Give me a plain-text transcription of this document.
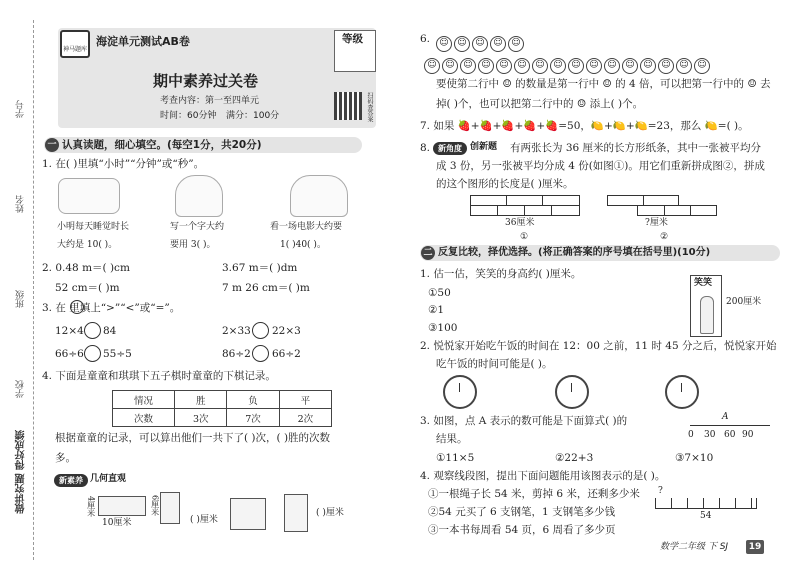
学号
姓名
班级
学校
做讲究题 得好成绩
神马题库
海淀单元测试AB卷	等级
期中素养过关卷
考查内容：第一至四单元
时间：60分钟 满分：100分	扫码查答案
一 认真读题，细心填空。(每空1分，共20分)
1. 在( )里填“小时”“分钟”或“秒”。
小明每天睡觉时长
大约是 10( )。
写一个字大约
要用 3( )。
看一场电影大约要
1( )40( )。
2. 0.48 m＝( )cm	3.67 m＝( )dm
52 cm＝( )m	7 m 26 cm＝( )m
3. 在 里填上“>”“<”或“=”。
12×4 84	2×33 22×3
66÷6 55÷5	86÷2 66÷2
4. 下面是童童和琪琪下五子棋时童童的下棋记录。
情况	胜	负	平
次数	3次	7次	2次
根据童童的记录，可以算出他们一共下了( )次，( )胜的次数
多。
新素养 几何直观
4厘米
10厘米
6厘米
( )厘米
( )厘米
6.	☺ ☺ ☺ ☺ ☺
☺ ☺ ☺ ☺ ☺ ☺ ☺ ☺ ☺ ☺ ☺ ☺ ☺ ☺ ☺ ☺
要使第二行中 ☺ 的数量是第一行中 ☺ 的 4 倍，可以把第一行中的 ☺ 去
掉( )个，也可以把第二行中的 ☺ 添上( )个。
7. 如果 🍓+🍓+🍓+🍓+🍓=50，🍋+🍋+🍋=23，那么 🍋=( )。
新角度 创新题
8.	有两张长为 36 厘米的长方形纸条，其中一张被平均分
成 3 份，另一张被平均分成 4 份(如图①)。用它们重新拼成图②，拼成
的这个图形的长度是( )厘米。
36厘米
①
?厘米
②
二 反复比较，择优选择。(将正确答案的序号填在括号里)(10分)
1. 估一估，笑笑的身高约( )厘米。
①50
②1
③100
笑笑
200厘米
2. 悦悦家开始吃午饭的时间在 12：00 之前，11 时 45 分之后，悦悦家开始
吃午饭的时间可能是( )。
3. 如图，点 A 表示的数可能是下面算式( )的
结果。
A
0 30 60 90
①11×5	②22+3	③7×10
4. 观察线段图，提出下面问题能用该图表示的是( )。
①一根绳子长 54 米，剪掉 6 米，还剩多少米
②54 元买了 6 支钢笔，1 支钢笔多少钱
③一本书每周看 54 页，6 周看了多少页
?
54
数学二年级 下 SJ	19
